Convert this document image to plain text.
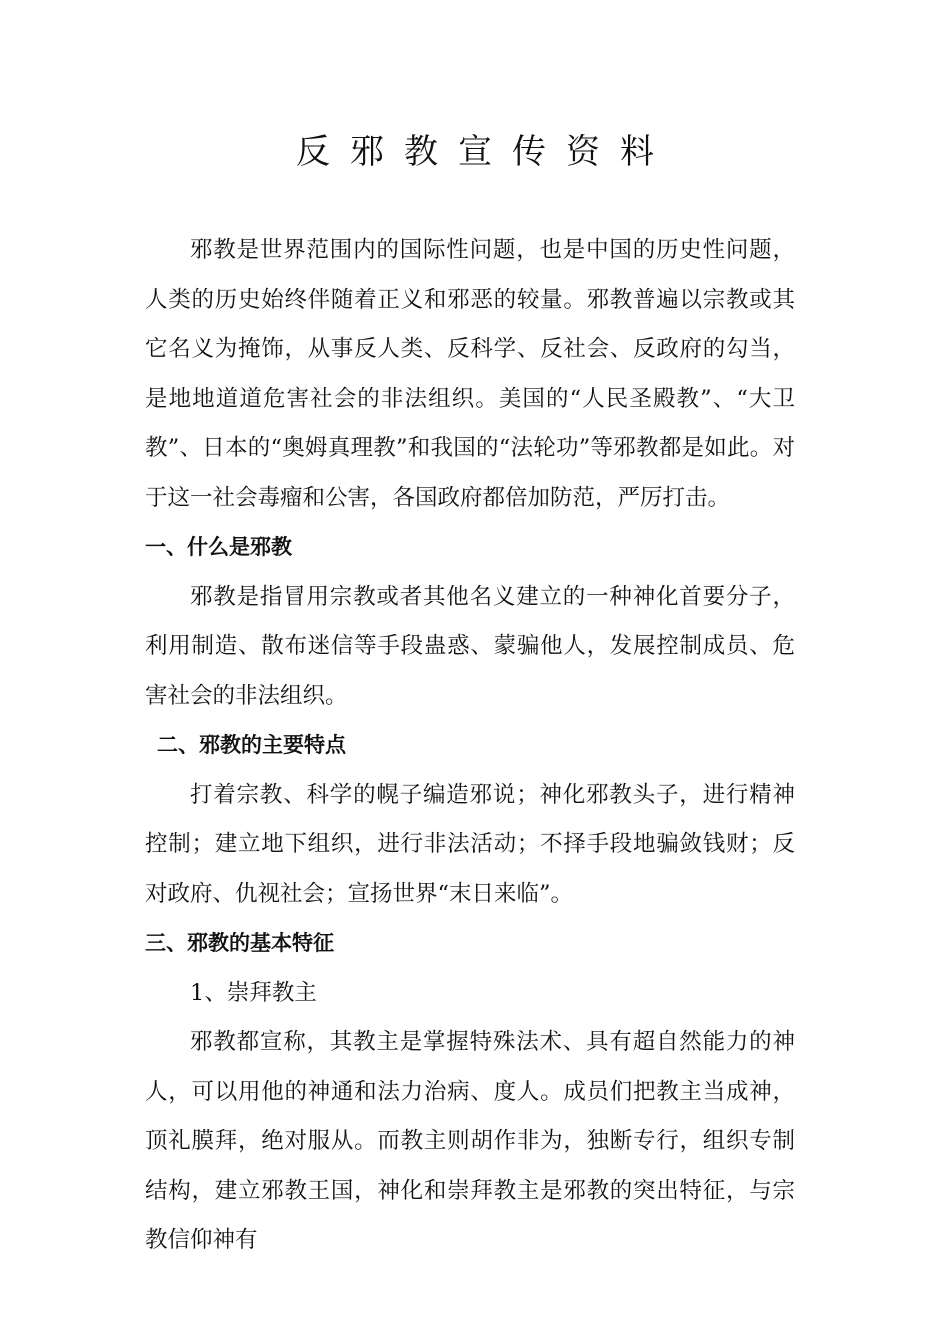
反邪教宣传资料

邪教是世界范围内的国际性问题，也是中国的历史性问题，人类的历史始终伴随着正义和邪恶的较量。邪教普遍以宗教或其它名义为掩饰，从事反人类、反科学、反社会、反政府的勾当，是地地道道危害社会的非法组织。美国的“人民圣殿教”、“大卫教”、日本的“奥姆真理教”和我国的“法轮功”等邪教都是如此。对于这一社会毒瘤和公害，各国政府都倍加防范，严厉打击。

一、什么是邪教

邪教是指冒用宗教或者其他名义建立的一种神化首要分子，利用制造、散布迷信等手段蛊惑、蒙骗他人，发展控制成员、危害社会的非法组织。

二、邪教的主要特点

打着宗教、科学的幌子编造邪说；神化邪教头子，进行精神控制；建立地下组织，进行非法活动；不择手段地骗敛钱财；反对政府、仇视社会；宣扬世界“末日来临”。

三、邪教的基本特征

1、崇拜教主

邪教都宣称，其教主是掌握特殊法术、具有超自然能力的神人，可以用他的神通和法力治病、度人。成员们把教主当成神，顶礼膜拜，绝对服从。而教主则胡作非为，独断专行，组织专制结构，建立邪教王国，神化和崇拜教主是邪教的突出特征，与宗教信仰神有
